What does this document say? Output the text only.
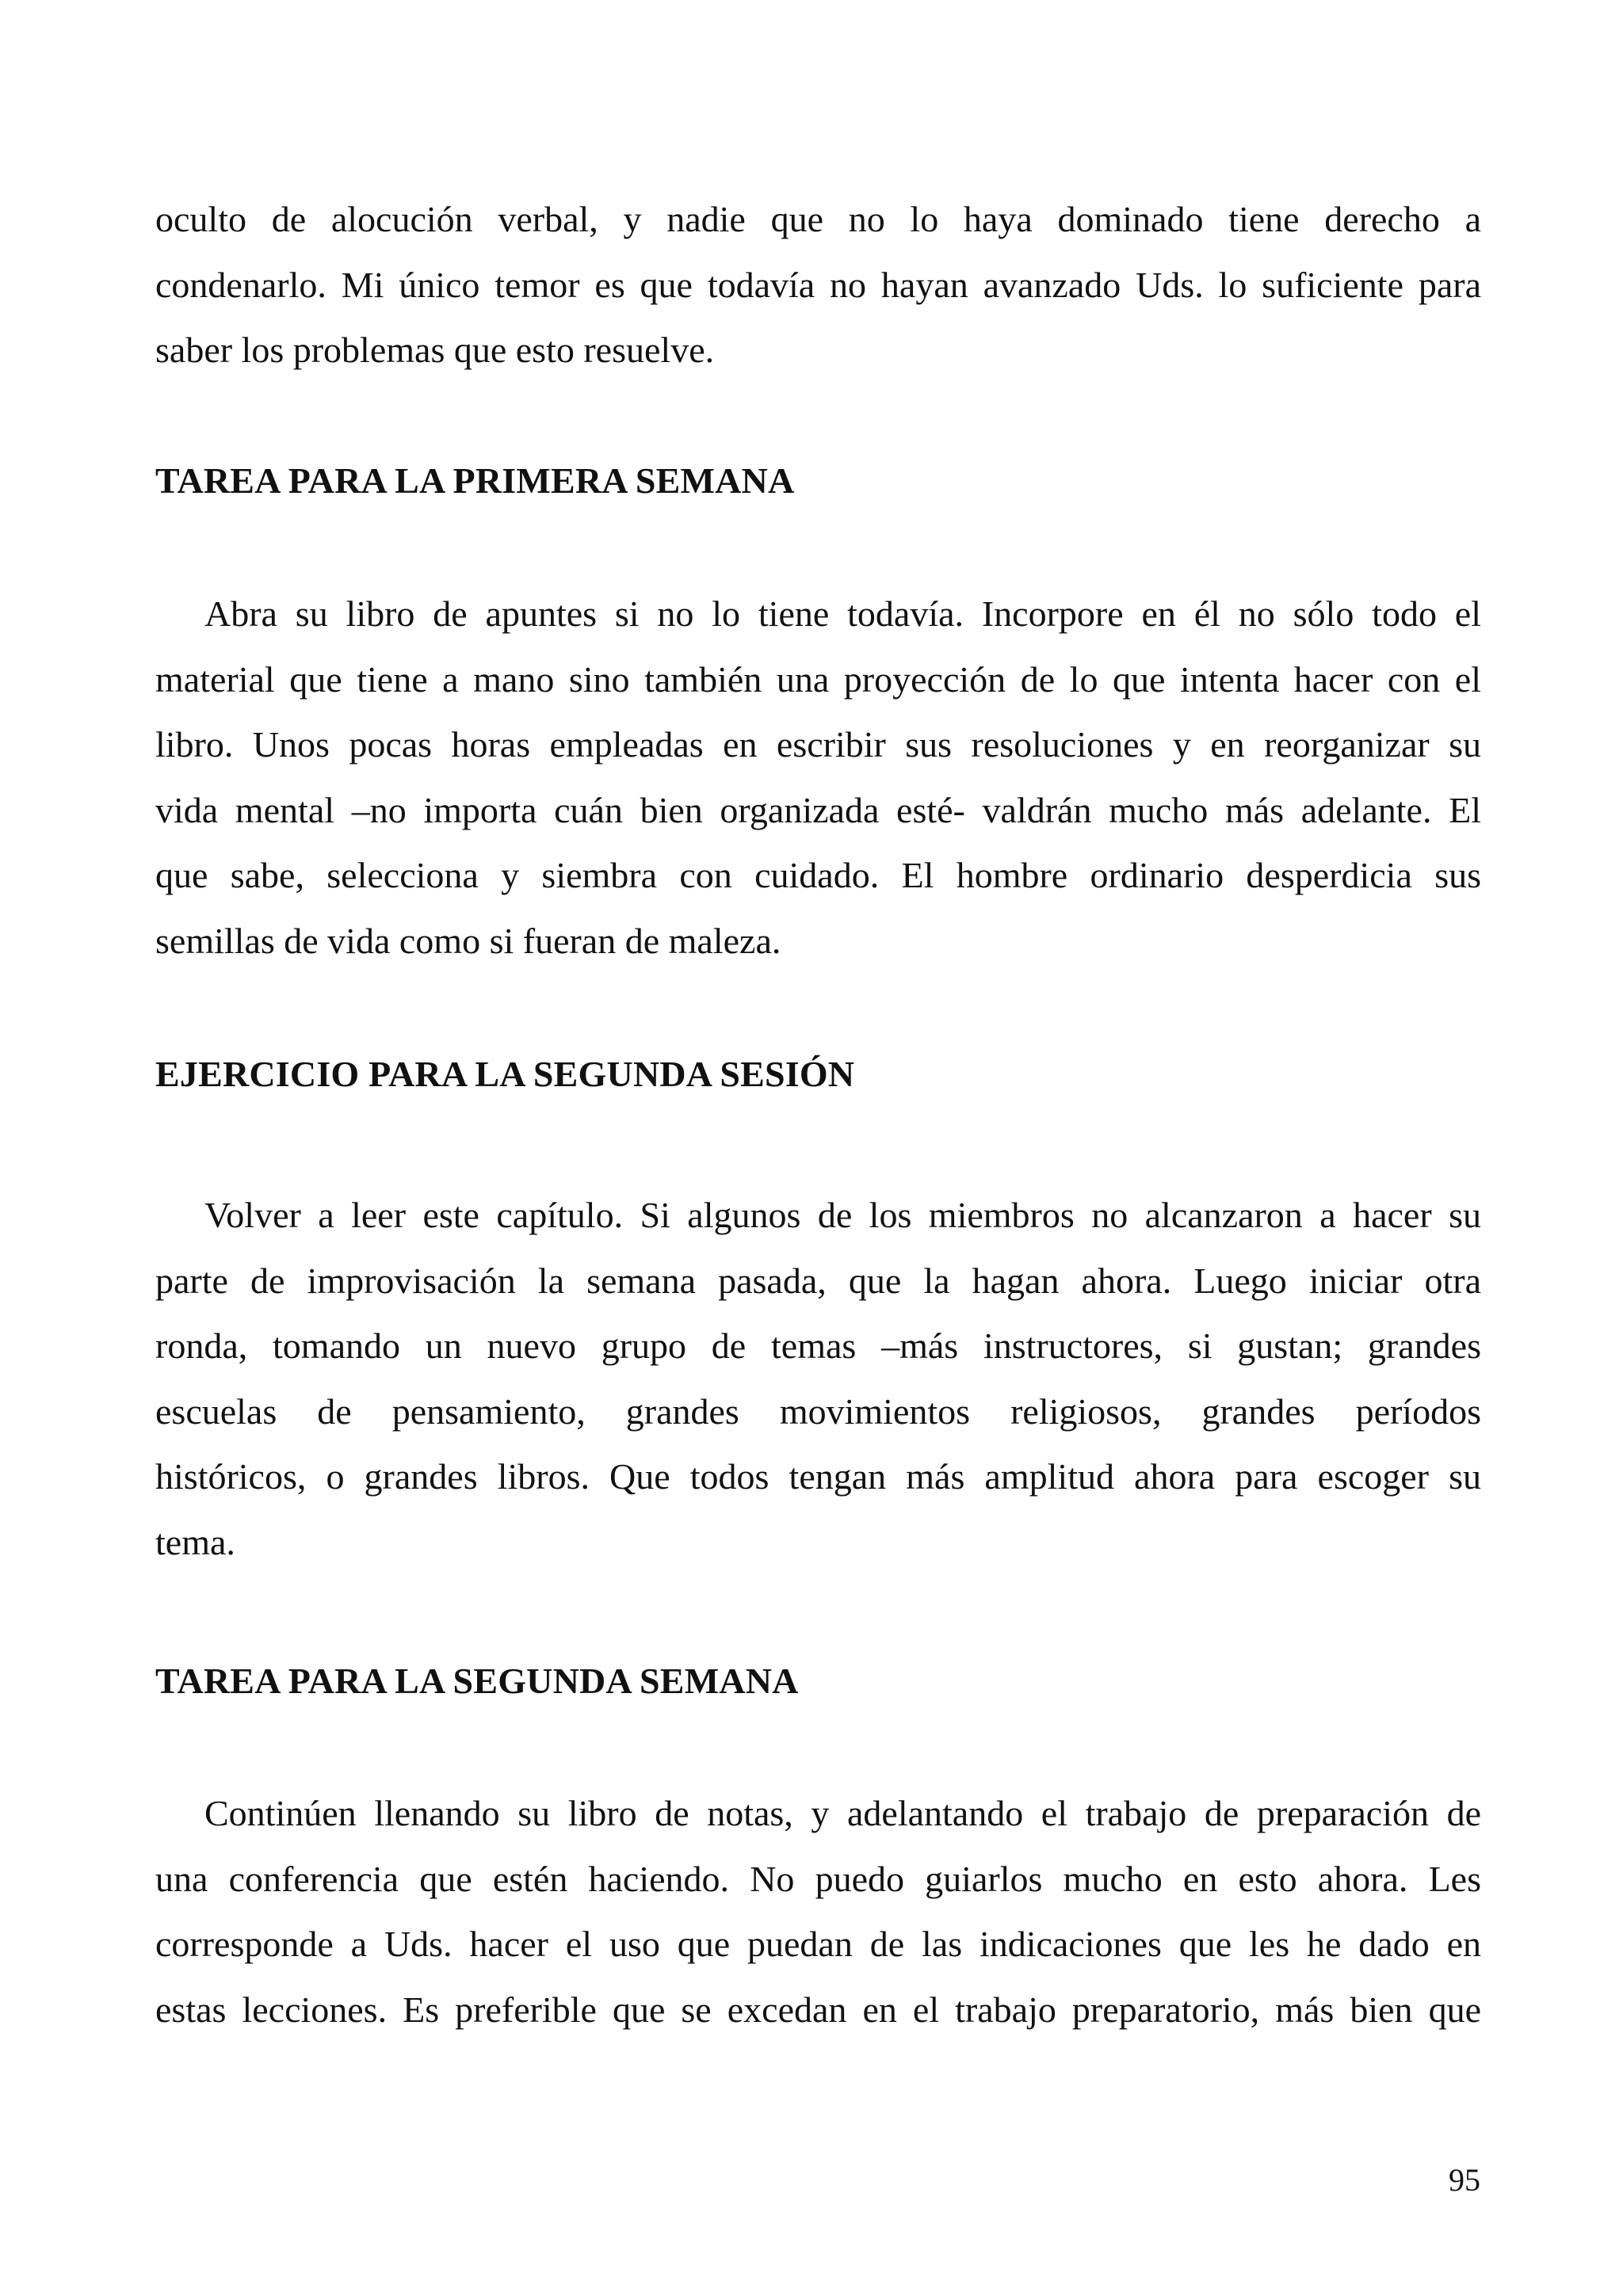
oculto de alocución verbal, y nadie que no lo haya dominado tiene derecho a
condenarlo. Mi único temor es que todavía no hayan avanzado Uds. lo suficiente para
saber los problemas que esto resuelve.
TAREA PARA LA PRIMERA SEMANA
Abra su libro de apuntes si no lo tiene todavía. Incorpore en él no sólo todo el
material que tiene a mano sino también una proyección de lo que intenta hacer con el
libro. Unos pocas horas empleadas en escribir sus resoluciones y en reorganizar su
vida mental –no importa cuán bien organizada esté- valdrán mucho más adelante. El
que sabe, selecciona y siembra con cuidado. El hombre ordinario desperdicia sus
semillas de vida como si fueran de maleza.
EJERCICIO PARA LA SEGUNDA SESIÓN
Volver a leer este capítulo. Si algunos de los miembros no alcanzaron a hacer su
parte de improvisación la semana pasada, que la hagan ahora. Luego iniciar otra
ronda, tomando un nuevo grupo de temas –más instructores, si gustan; grandes
escuelas de pensamiento, grandes movimientos religiosos, grandes períodos
históricos, o grandes libros. Que todos tengan más amplitud ahora para escoger su
tema.
TAREA PARA LA SEGUNDA SEMANA
Continúen llenando su libro de notas, y adelantando el trabajo de preparación de
una conferencia que estén haciendo. No puedo guiarlos mucho en esto ahora. Les
corresponde a Uds. hacer el uso que puedan de las indicaciones que les he dado en
estas lecciones. Es preferible que se excedan en el trabajo preparatorio, más bien que
95
